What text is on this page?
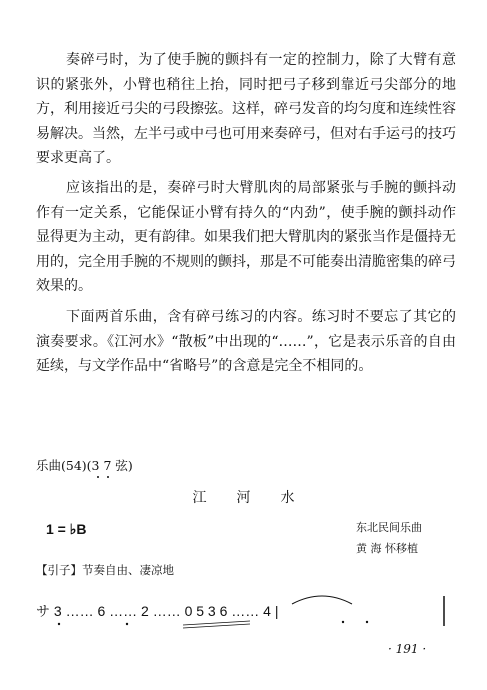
奏碎弓时，为了使手腕的颤抖有一定的控制力，除了大臂有意识的紧张外，小臂也稍往上抬，同时把弓子移到靠近弓尖部分的地方，利用接近弓尖的弓段擦弦。这样，碎弓发音的均匀度和连续性容易解决。当然，左半弓或中弓也可用来奏碎弓，但对右手运弓的技巧要求更高了。

应该指出的是，奏碎弓时大臂肌肉的局部紧张与手腕的颤抖动作有一定关系，它能保证小臂有持久的“内劲”，使手腕的颤抖动作显得更为主动，更有韵律。如果我们把大臂肌肉的紧张当作是僵持无用的，完全用手腕的不规则的颤抖，那是不可能奏出清脆密集的碎弓效果的。

下面两首乐曲，含有碎弓练习的内容。练习时不要忘了其它的演奏要求。《江河水》“散板”中出现的“……”，它是表示乐音的自由延续，与文学作品中“省略号”的含意是完全不相同的。

乐曲(54)(3 7 弦)
江河水
1 = ♭B	东北民间乐曲
黄 海 怀移植
【引子】节奏自由、凄凉地
サ 3 …… 6 …… 2 …… 0 5 3 6 …… 4 |
· 191 ·
